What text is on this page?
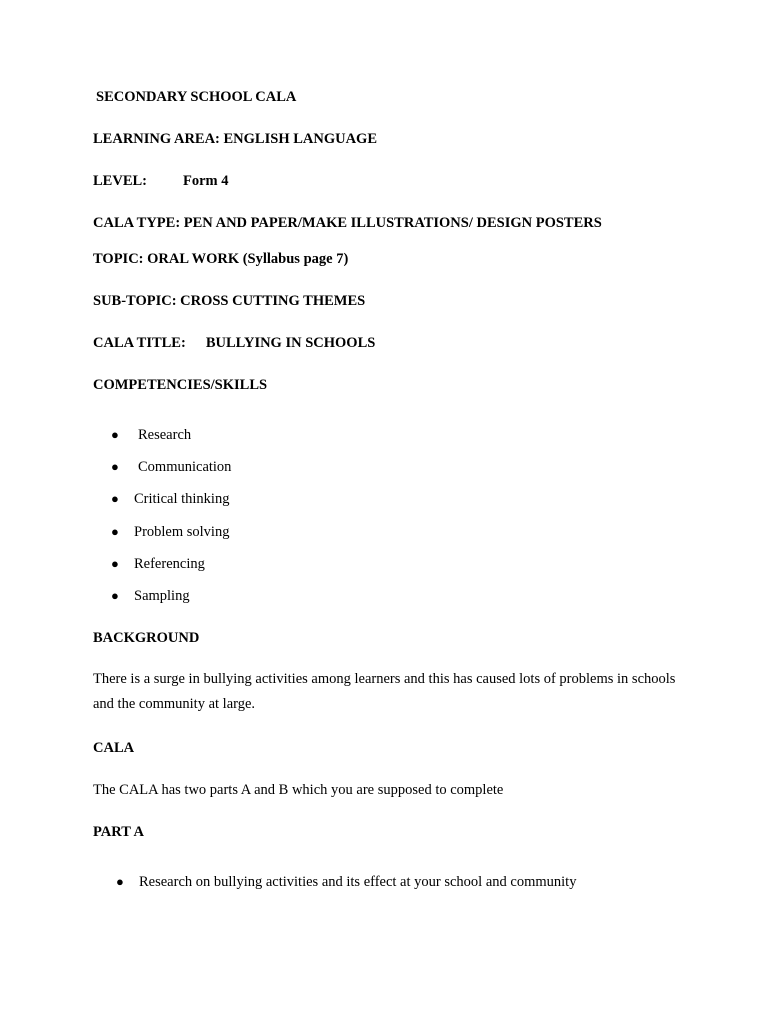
SECONDARY SCHOOL CALA
LEARNING AREA: ENGLISH LANGUAGE
LEVEL: Form 4
CALA TYPE: PEN AND PAPER/MAKE ILLUSTRATIONS/ DESIGN POSTERS
TOPIC: ORAL WORK (Syllabus page 7)
SUB-TOPIC: CROSS CUTTING THEMES
CALA TITLE: BULLYING IN SCHOOLS
COMPETENCIES/SKILLS
● Research
● Communication
● Critical thinking
● Problem solving
● Referencing
● Sampling
BACKGROUND
There is a surge in bullying activities among learners and this has caused lots of problems in schools and the community at large.
CALA
The CALA has two parts A and B which you are supposed to complete
PART A
● Research on bullying activities and its effect at your school and community
